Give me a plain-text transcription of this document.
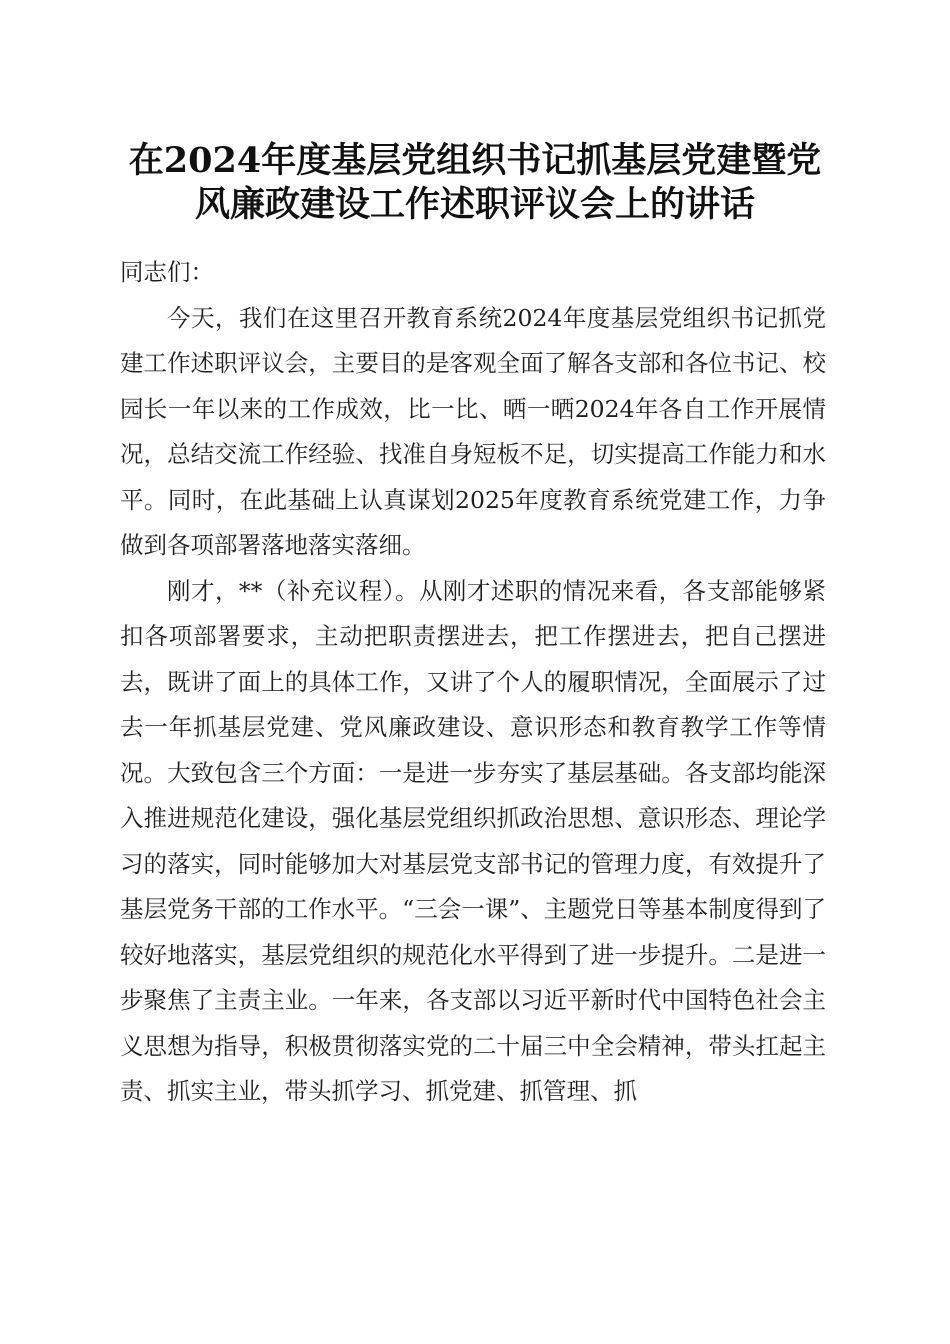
在2024年度基层党组织书记抓基层党建暨党
风廉政建设工作述职评议会上的讲话

同志们：

今天，我们在这里召开教育系统2024年度基层党组织书记抓党建工作述职评议会，主要目的是客观全面了解各支部和各位书记、校园长一年以来的工作成效，比一比、晒一晒2024年各自工作开展情况，总结交流工作经验、找准自身短板不足，切实提高工作能力和水平。同时，在此基础上认真谋划2025年度教育系统党建工作，力争做到各项部署落地落实落细。

刚才，**（补充议程）。从刚才述职的情况来看，各支部能够紧扣各项部署要求，主动把职责摆进去，把工作摆进去，把自己摆进去，既讲了面上的具体工作，又讲了个人的履职情况，全面展示了过去一年抓基层党建、党风廉政建设、意识形态和教育教学工作等情况。大致包含三个方面：一是进一步夯实了基层基础。各支部均能深入推进规范化建设，强化基层党组织抓政治思想、意识形态、理论学习的落实，同时能够加大对基层党支部书记的管理力度，有效提升了基层党务干部的工作水平。“三会一课”、主题党日等基本制度得到了较好地落实，基层党组织的规范化水平得到了进一步提升。二是进一步聚焦了主责主业。一年来，各支部以习近平新时代中国特色社会主义思想为指导，积极贯彻落实党的二十届三中全会精神，带头扛起主责、抓实主业，带头抓学习、抓党建、抓管理、抓
